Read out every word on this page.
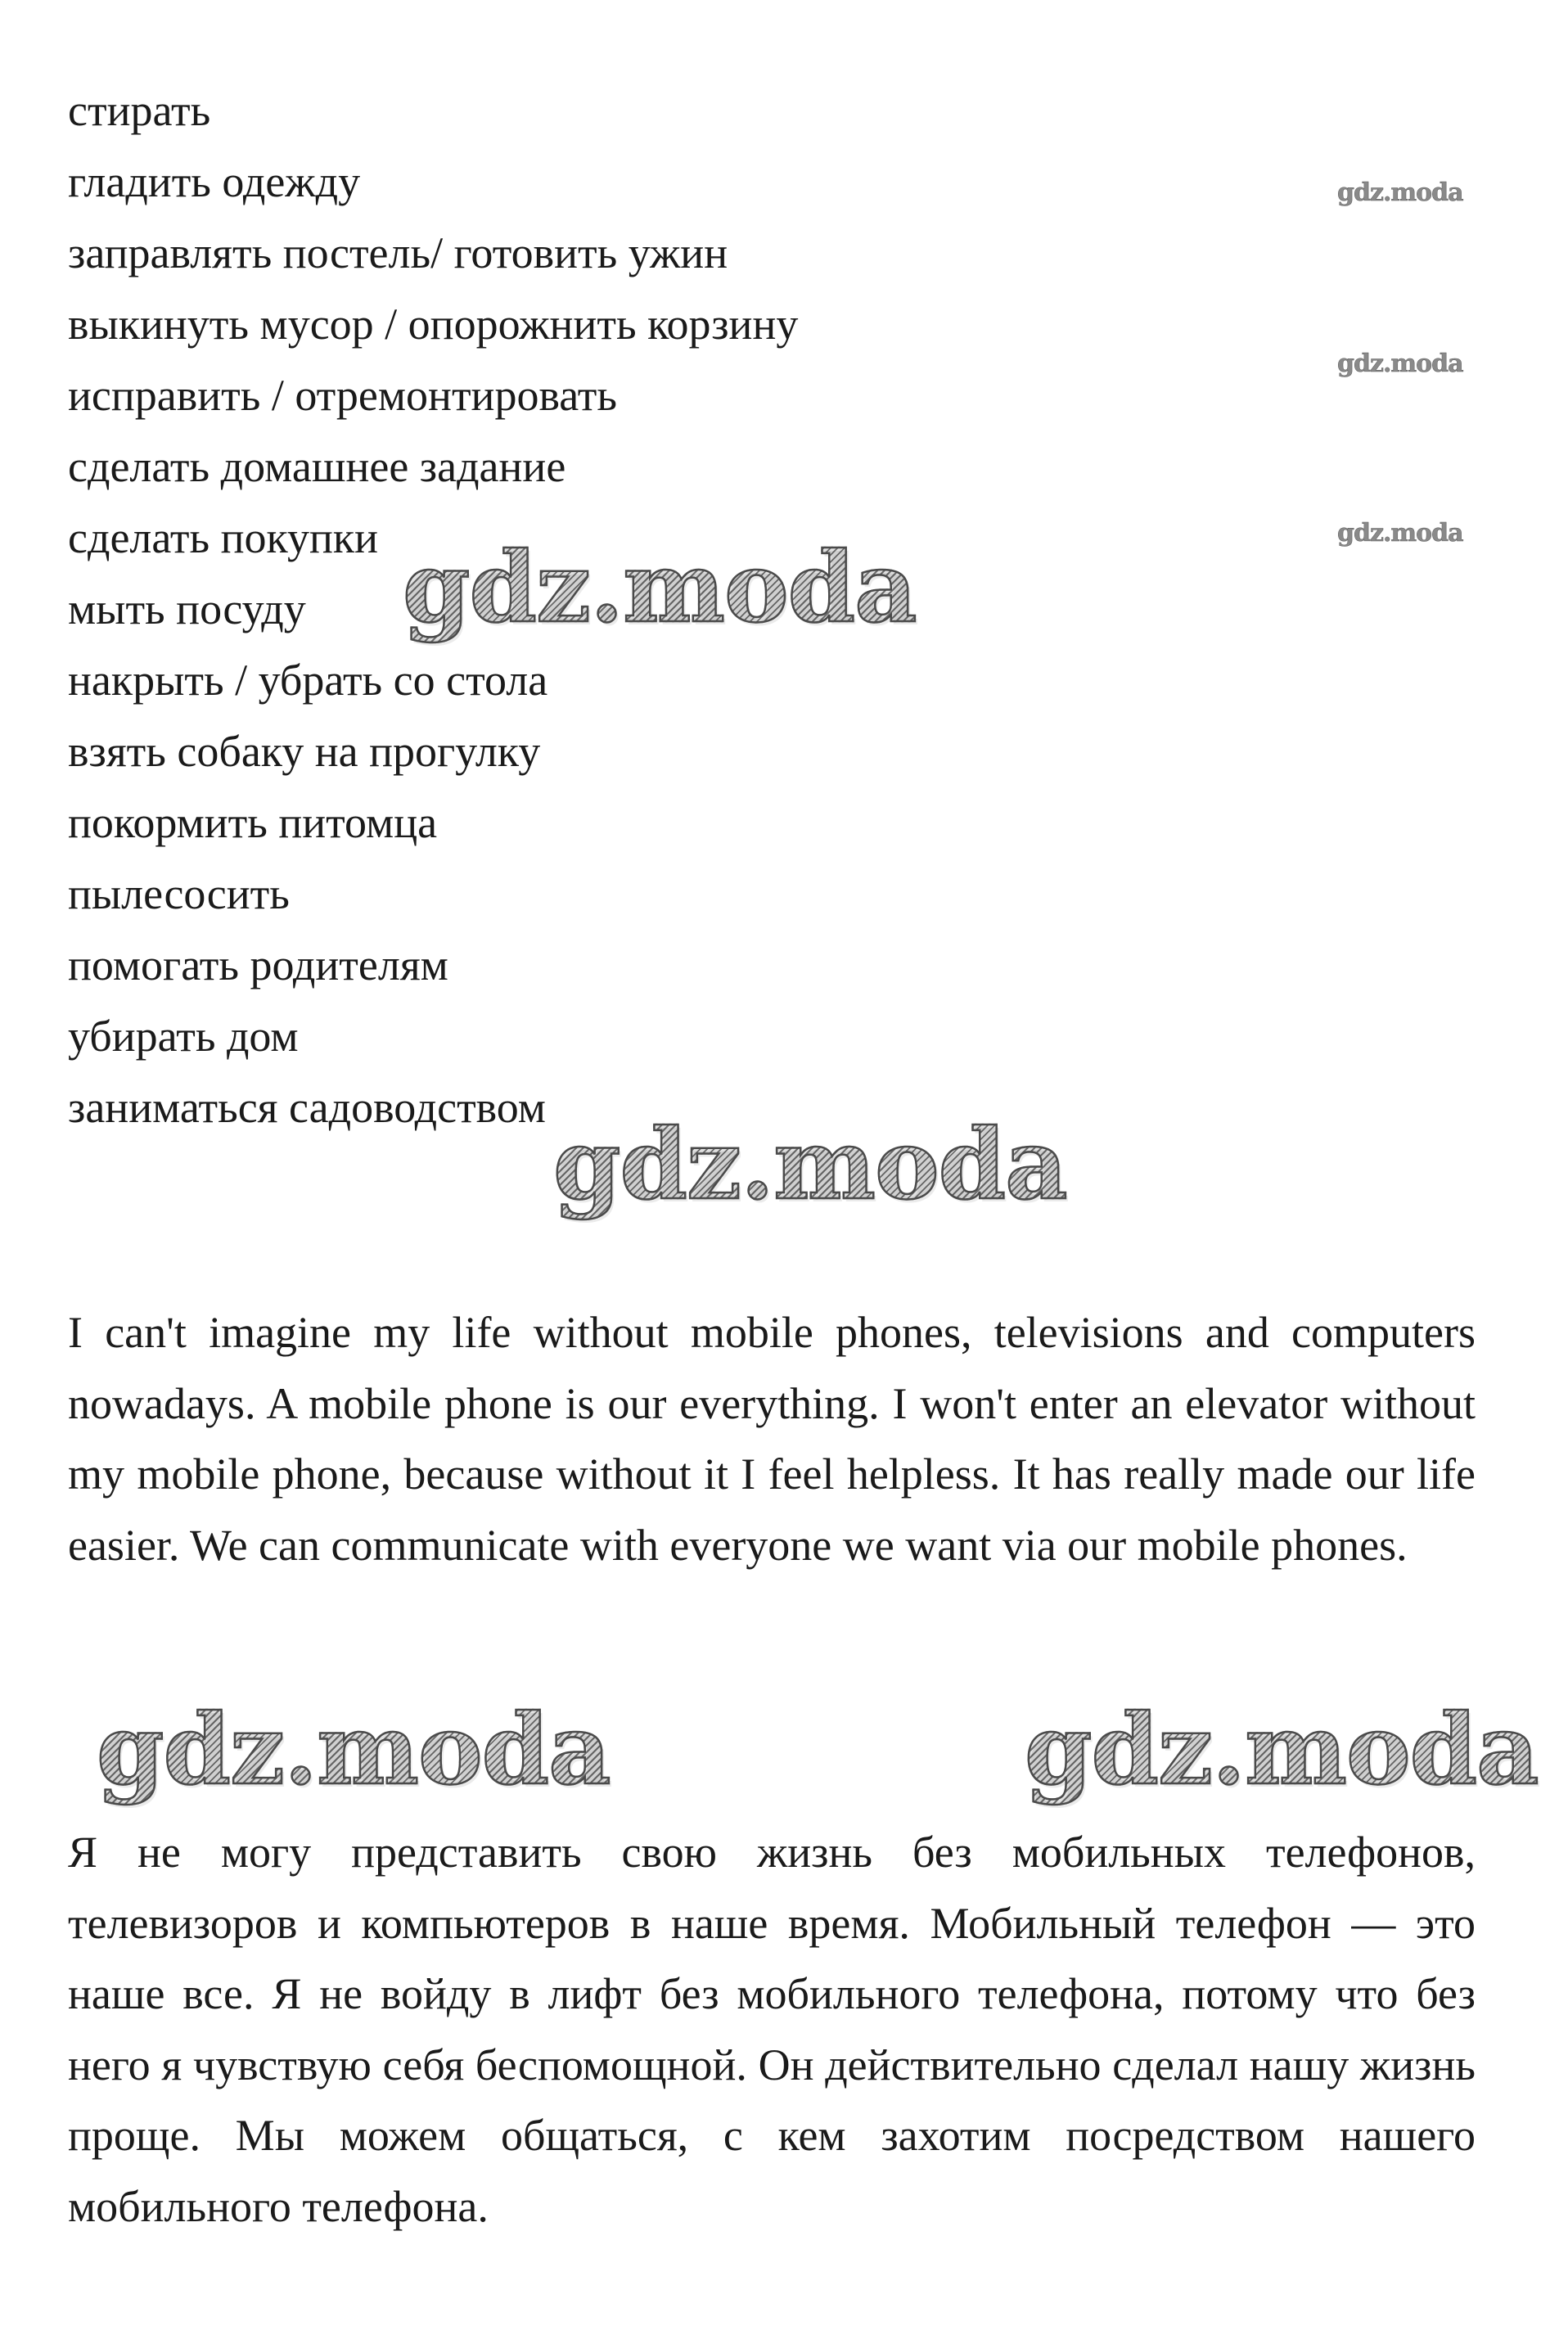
стирать
гладить одежду
заправлять постель/ готовить ужин
выкинуть мусор / опорожнить корзину
исправить / отремонтировать
сделать домашнее задание
сделать покупки
мыть посуду
накрыть / убрать со стола
взять собаку на прогулку
покормить питомца
пылесосить
помогать родителям
убирать дом
заниматься садоводством

I can't imagine my life without mobile phones, televisions and computers nowadays. A mobile phone is our everything. I won't enter an elevator without my mobile phone, because without it I feel helpless. It has really made our life easier. We can communicate with everyone we want via our mobile phones.

Я не могу представить свою жизнь без мобильных телефонов, телевизоров и компьютеров в наше время. Мобильный телефон — это наше все. Я не войду в лифт без мобильного телефона, потому что без него я чувствую себя беспомощной. Он действительно сделал нашу жизнь проще. Мы можем общаться, с кем захотим посредством нашего мобильного телефона.

gdz.moda
gdz.moda
gdz.moda
gdz.moda
gdz.moda
gdz.moda	gdz.moda
